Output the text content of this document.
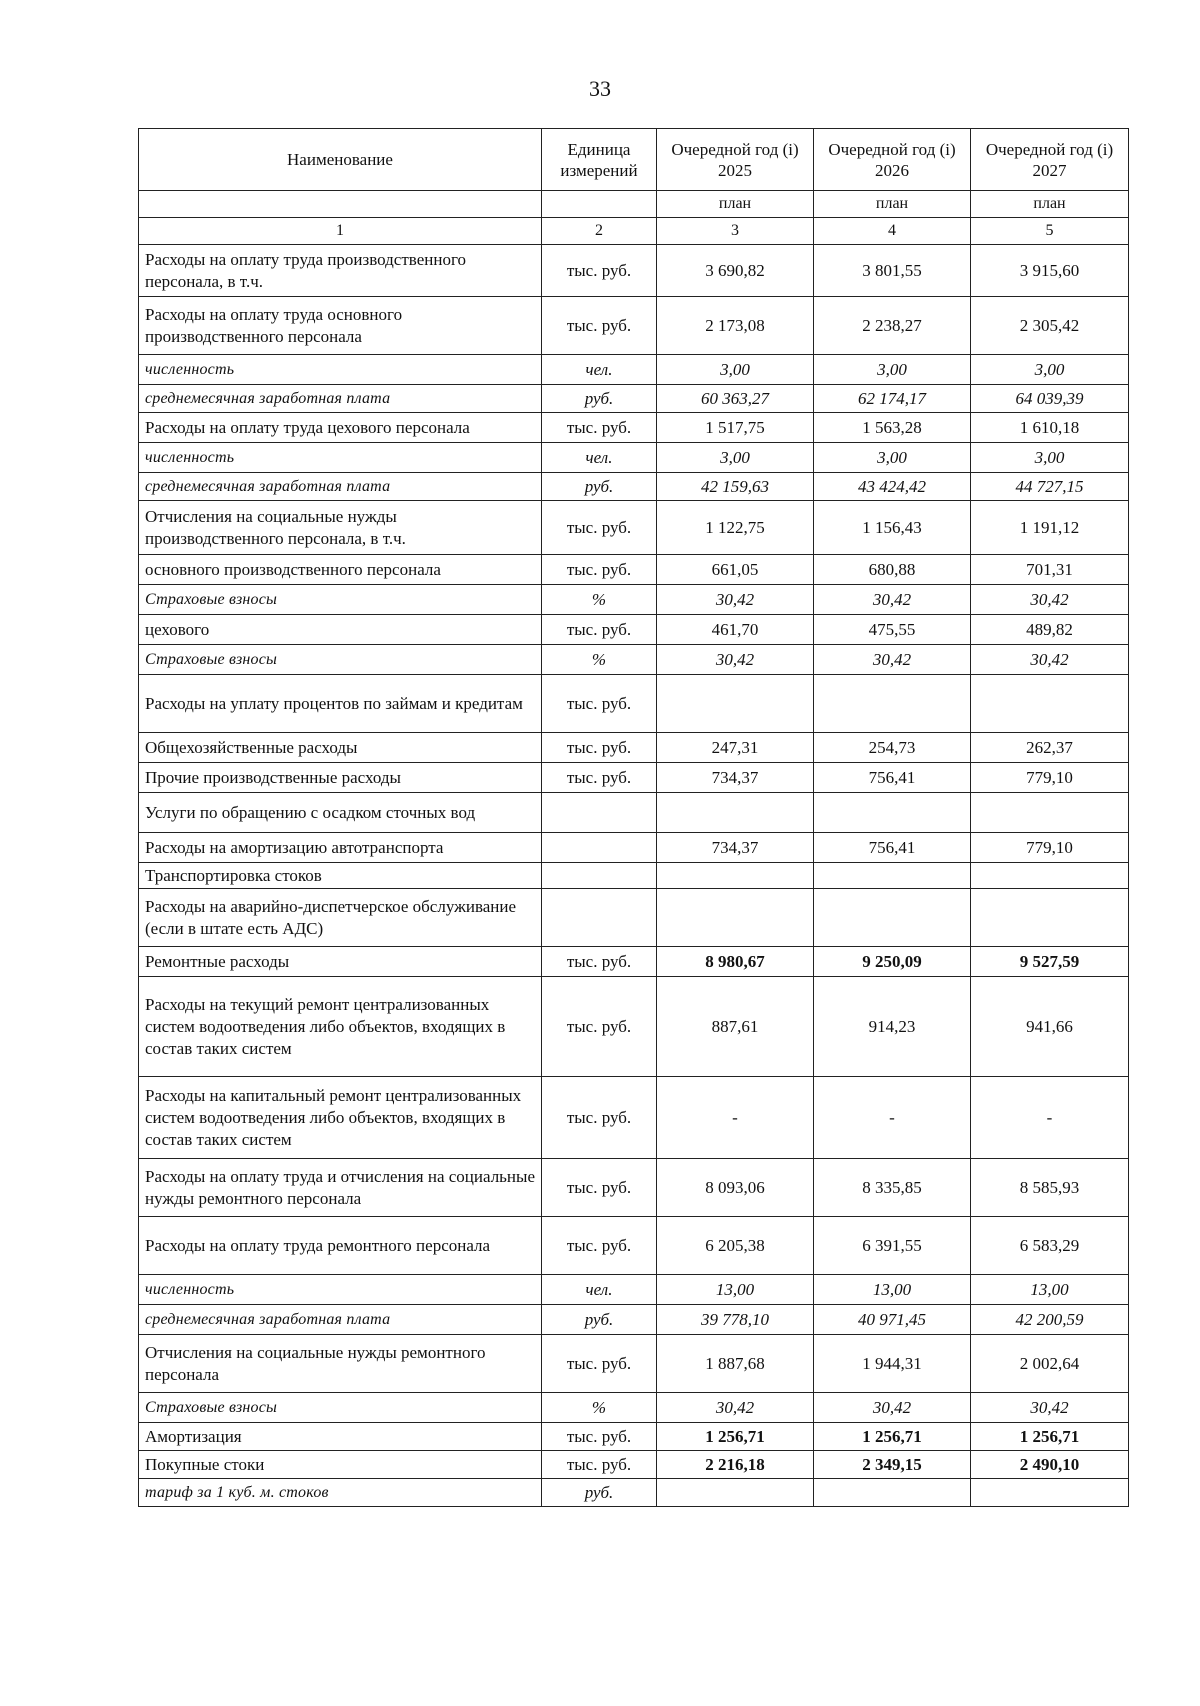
33
Наименование	Единица измерений	Очередной год (i) 2025	Очередной год (i) 2026	Очередной год (i) 2027
		план	план	план
1	2	3	4	5
Расходы на оплату труда производственного персонала, в т.ч.	тыс. руб.	3 690,82	3 801,55	3 915,60
Расходы на оплату труда основного производственного персонала	тыс. руб.	2 173,08	2 238,27	2 305,42
численность	чел.	3,00	3,00	3,00
среднемесячная заработная плата	руб.	60 363,27	62 174,17	64 039,39
Расходы на оплату труда цехового персонала	тыс. руб.	1 517,75	1 563,28	1 610,18
численность	чел.	3,00	3,00	3,00
среднемесячная заработная плата	руб.	42 159,63	43 424,42	44 727,15
Отчисления на социальные нужды производственного персонала, в т.ч.	тыс. руб.	1 122,75	1 156,43	1 191,12
основного производственного персонала	тыс. руб.	661,05	680,88	701,31
Страховые взносы	%	30,42	30,42	30,42
цехового	тыс. руб.	461,70	475,55	489,82
Страховые взносы	%	30,42	30,42	30,42
Расходы на уплату процентов по займам и кредитам	тыс. руб.			
Общехозяйственные расходы	тыс. руб.	247,31	254,73	262,37
Прочие производственные расходы	тыс. руб.	734,37	756,41	779,10
Услуги по обращению с осадком сточных вод				
Расходы на амортизацию автотранспорта		734,37	756,41	779,10
Транспортировка стоков				
Расходы на аварийно-диспетчерское обслуживание (если в штате есть АДС)				
Ремонтные расходы	тыс. руб.	8 980,67	9 250,09	9 527,59
Расходы на текущий ремонт централизованных систем водоотведения либо объектов, входящих в состав таких систем	тыс. руб.	887,61	914,23	941,66
Расходы на капитальный ремонт централизованных систем водоотведения либо объектов, входящих в состав таких систем	тыс. руб.	-	-	-
Расходы на оплату труда и отчисления на социальные нужды ремонтного персонала	тыс. руб.	8 093,06	8 335,85	8 585,93
Расходы на оплату труда ремонтного персонала	тыс. руб.	6 205,38	6 391,55	6 583,29
численность	чел.	13,00	13,00	13,00
среднемесячная заработная плата	руб.	39 778,10	40 971,45	42 200,59
Отчисления на социальные нужды ремонтного персонала	тыс. руб.	1 887,68	1 944,31	2 002,64
Страховые взносы	%	30,42	30,42	30,42
Амортизация	тыс. руб.	1 256,71	1 256,71	1 256,71
Покупные стоки	тыс. руб.	2 216,18	2 349,15	2 490,10
тариф за 1 куб. м. стоков	руб.			
